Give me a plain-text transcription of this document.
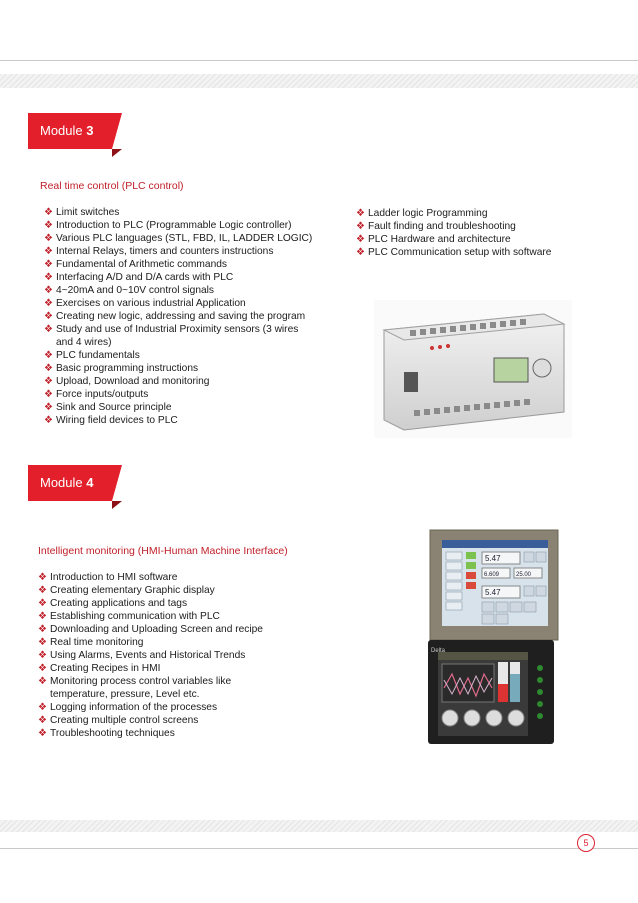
Module 3
Real time control (PLC control)
❖ Limit switches
❖ Introduction to PLC (Programmable Logic controller)
❖ Various PLC languages (STL, FBD, IL, LADDER LOGIC)
❖ Internal Relays, timers and counters instructions
❖ Fundamental of Arithmetic commands
❖ Interfacing A/D and D/A cards with PLC
❖ 4~20mA and 0~10V control signals
❖ Exercises on various industrial Application
❖ Creating new logic, addressing and saving the program
❖ Study and use of Industrial Proximity sensors (3 wires
and 4 wires)
❖ PLC fundamentals
❖ Basic programming instructions
❖ Upload, Download and monitoring
❖ Force inputs/outputs
❖ Sink and Source principle
❖ Wiring field devices to PLC
❖ Ladder logic Programming
❖ Fault finding and troubleshooting
❖ PLC Hardware and architecture
❖ PLC Communication setup with software
Module 4
Intelligent monitoring (HMI-Human Machine Interface)
❖ Introduction to HMI software
❖ Creating elementary Graphic display
❖ Creating applications and tags
❖ Establishing communication with PLC
❖ Downloading and Uploading Screen and recipe
❖ Real time monitoring
❖ Using Alarms, Events and Historical Trends
❖ Creating Recipes in HMI
❖ Monitoring process control variables like
temperature, pressure, Level etc.
❖ Logging information of the processes
❖ Creating multiple control screens
❖ Troubleshooting techniques
5.47
5.47
6.609	25.00
Delta
5
